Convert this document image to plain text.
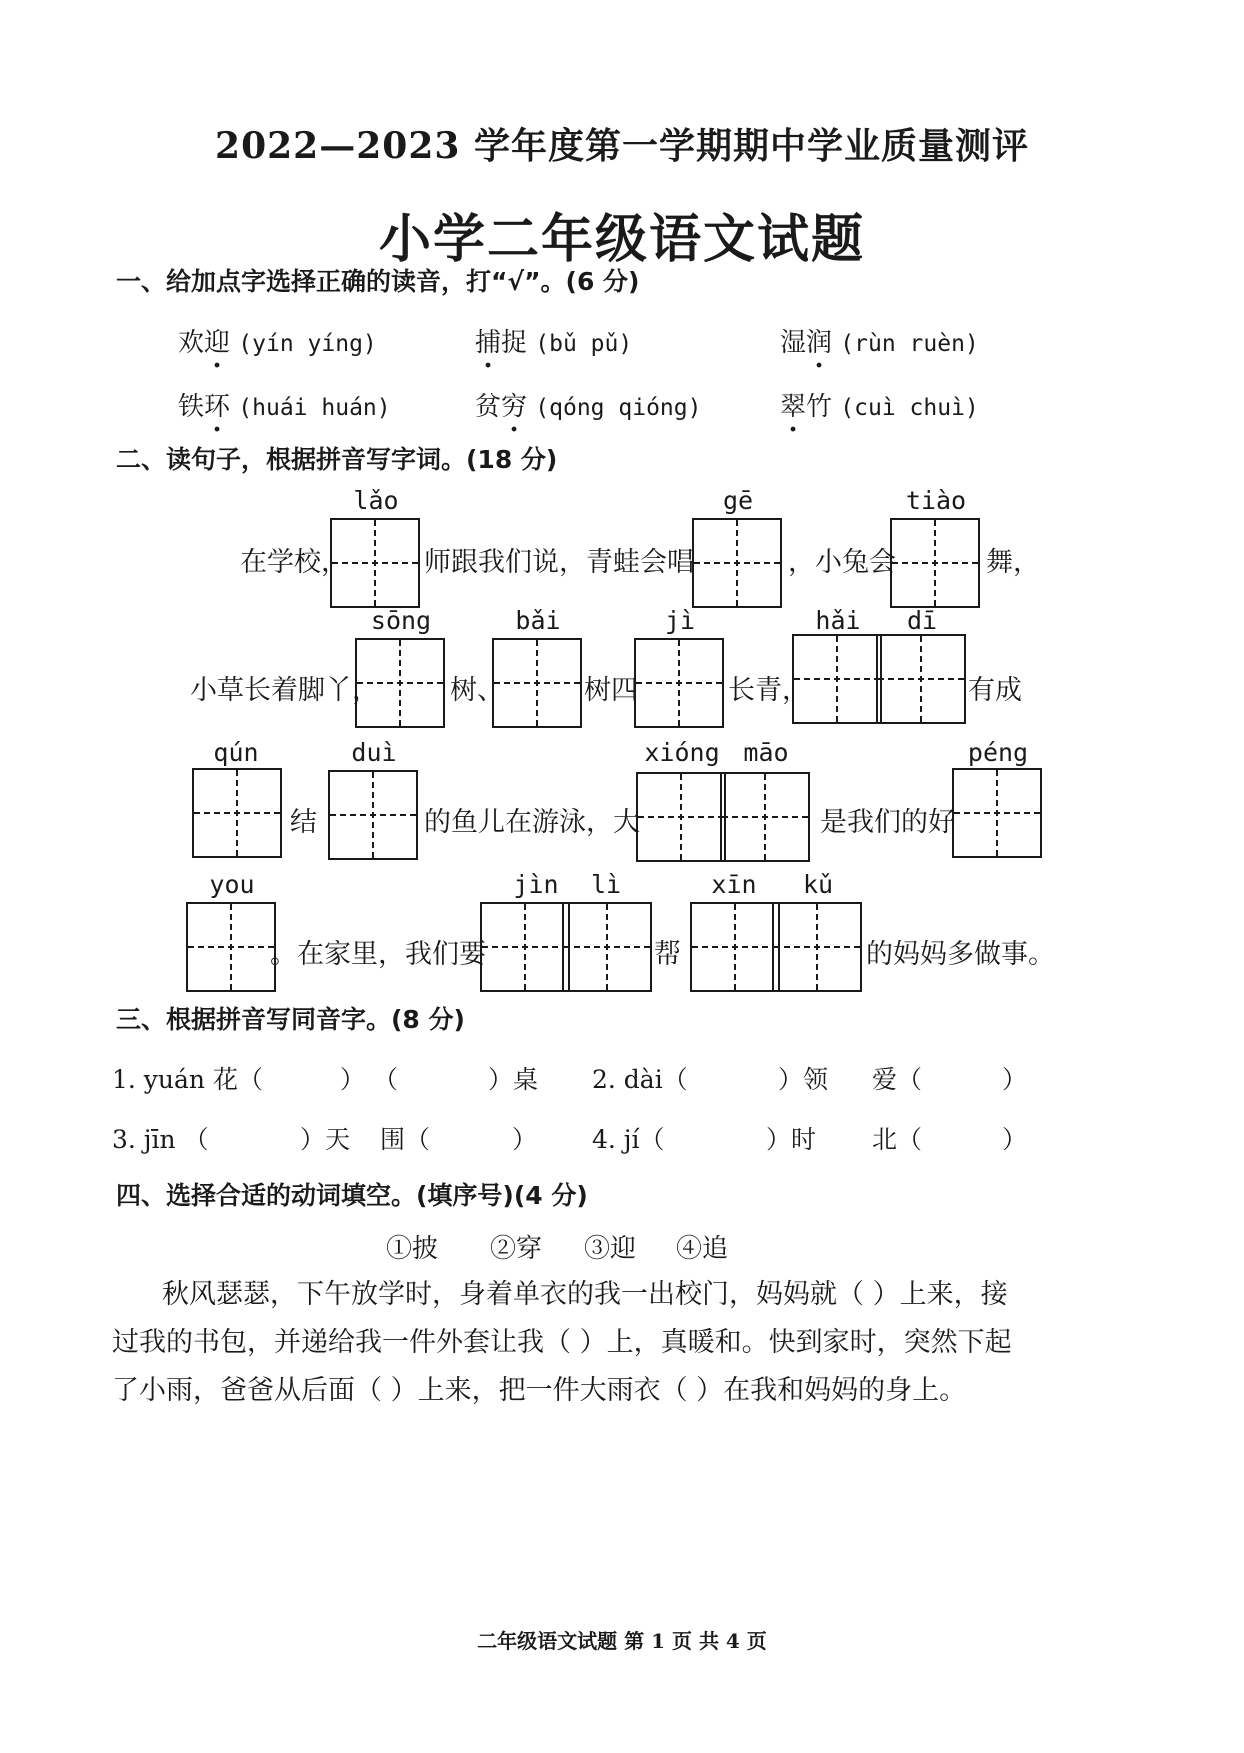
2022—2023 学年度第一学期期中学业质量测评
小学二年级语文试题
一、给加点字选择正确的读音，打“√”。(6 分)
欢迎 (yín yíng)	捕捉 (bǔ pǔ)	湿润 (rùn ruèn)
铁环 (huái huán)	贫穷 (qóng qióng)	翠竹 (cuì chuì)
二、读句子，根据拼音写字词。(18 分)
lǎo	gē	tiào
在学校，	师跟我们说，青蛙会唱	，小兔会	舞，
sōng	bǎi	jì	hǎi	dī
小草长着脚丫，	树、	树四	长青，	有成
qún	duì	xióng māo	péng
结	的鱼儿在游泳，大	是我们的好
you	jìn	lì	xīn	kǔ
。在家里，我们要	帮	的妈妈多做事。
三、根据拼音写同音字。(8 分)
1. yuán 花（	） （	）桌 2. dài（	）领 爱（	）
3. jīn （	）天 围（	） 4. jí（	）时 北（	）
四、选择合适的动词填空。(填序号)(4 分)
①披 ②穿 ③迎 ④追
秋风瑟瑟，下午放学时，身着单衣的我一出校门，妈妈就（ ）上来，接
过我的书包，并递给我一件外套让我（ ）上，真暖和。快到家时，突然下起
了小雨，爸爸从后面（ ）上来，把一件大雨衣（ ）在我和妈妈的身上。
二年级语文试题 第 1 页 共 4 页
